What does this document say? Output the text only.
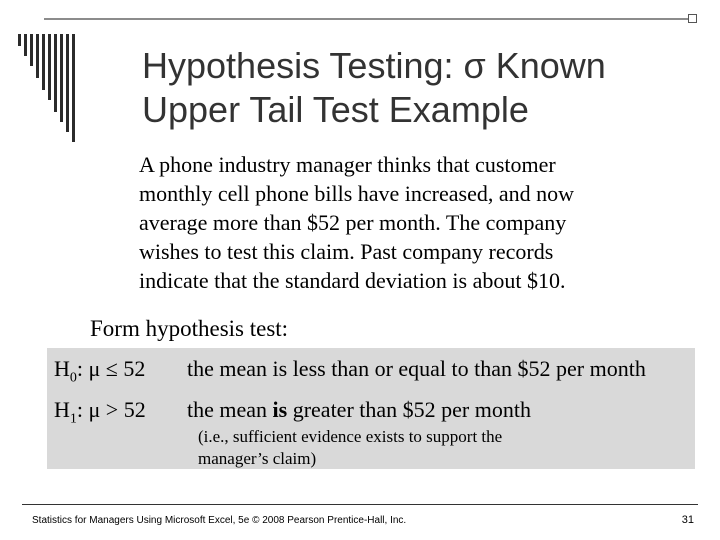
Hypothesis Testing: σ Known
Upper Tail Test Example
A phone industry manager thinks that customer
monthly cell phone bills have increased, and now
average more than $52 per month. The company
wishes to test this claim. Past company records
indicate that the standard deviation is about $10.
Form hypothesis test:
$H_0$: μ ≤ 52 the mean is less than or equal to than $52 per month
$H_1$: μ > 52 the mean is greater than $52 per month
(i.e., sufficient evidence exists to support the
manager’s claim)
Statistics for Managers Using Microsoft Excel, 5e © 2008 Pearson Prentice-Hall, Inc.	31
